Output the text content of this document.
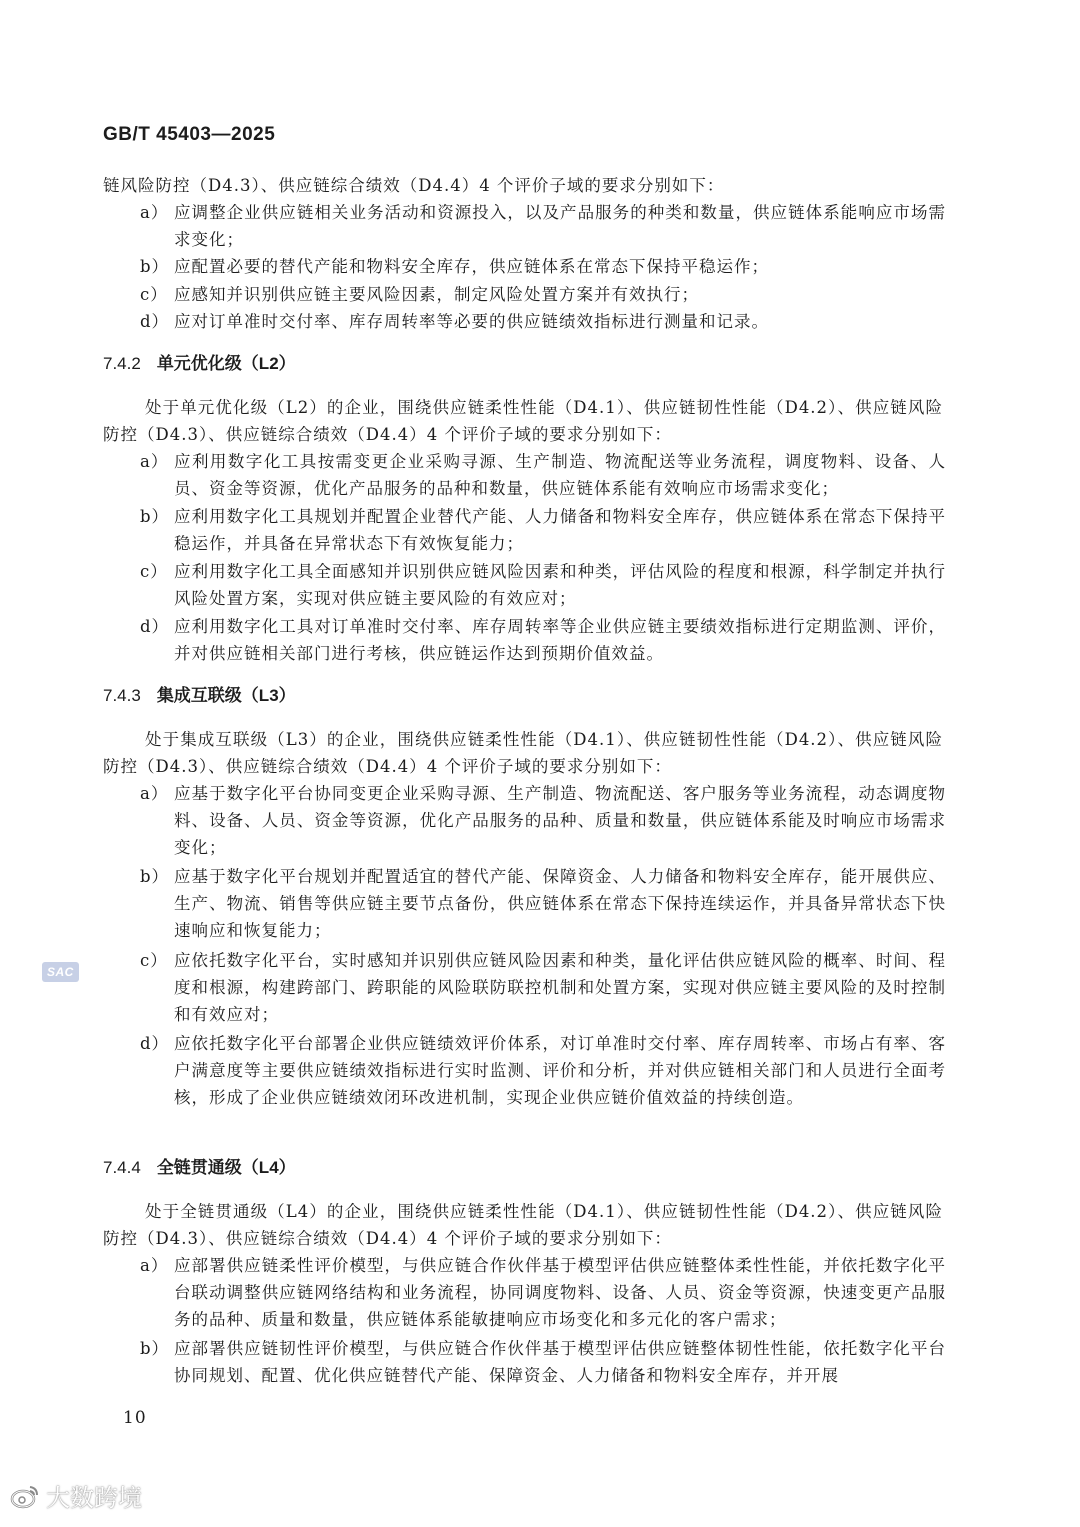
GB/T 45403—2025

链风险防控（D4.3）、供应链综合绩效（D4.4）4 个评价子域的要求分别如下：

a） 应调整企业供应链相关业务活动和资源投入，以及产品服务的种类和数量，供应链体系能响应市场需求变化；
b） 应配置必要的替代产能和物料安全库存，供应链体系在常态下保持平稳运作；
c） 应感知并识别供应链主要风险因素，制定风险处置方案并有效执行；
d） 应对订单准时交付率、库存周转率等必要的供应链绩效指标进行测量和记录。
7.4.2 单元优化级（L2）

处于单元优化级（L2）的企业，围绕供应链柔性性能（D4.1）、供应链韧性性能（D4.2）、供应链风险防控（D4.3）、供应链综合绩效（D4.4）4 个评价子域的要求分别如下：

a） 应利用数字化工具按需变更企业采购寻源、生产制造、物流配送等业务流程，调度物料、设备、人员、资金等资源，优化产品服务的品种和数量，供应链体系能有效响应市场需求变化；
b） 应利用数字化工具规划并配置企业替代产能、人力储备和物料安全库存，供应链体系在常态下保持平稳运作，并具备在异常状态下有效恢复能力；
c） 应利用数字化工具全面感知并识别供应链风险因素和种类，评估风险的程度和根源，科学制定并执行风险处置方案，实现对供应链主要风险的有效应对；
d） 应利用数字化工具对订单准时交付率、库存周转率等企业供应链主要绩效指标进行定期监测、评价，并对供应链相关部门进行考核，供应链运作达到预期价值效益。
7.4.3 集成互联级（L3）

处于集成互联级（L3）的企业，围绕供应链柔性性能（D4.1）、供应链韧性性能（D4.2）、供应链风险防控（D4.3）、供应链综合绩效（D4.4）4 个评价子域的要求分别如下：

a） 应基于数字化平台协同变更企业采购寻源、生产制造、物流配送、客户服务等业务流程，动态调度物料、设备、人员、资金等资源，优化产品服务的品种、质量和数量，供应链体系能及时响应市场需求变化；
b） 应基于数字化平台规划并配置适宜的替代产能、保障资金、人力储备和物料安全库存，能开展供应、生产、物流、销售等供应链主要节点备份，供应链体系在常态下保持连续运作，并具备异常状态下快速响应和恢复能力；
c） 应依托数字化平台，实时感知并识别供应链风险因素和种类，量化评估供应链风险的概率、时间、程度和根源，构建跨部门、跨职能的风险联防联控机制和处置方案，实现对供应链主要风险的及时控制和有效应对；
d） 应依托数字化平台部署企业供应链绩效评价体系，对订单准时交付率、库存周转率、市场占有率、客户满意度等主要供应链绩效指标进行实时监测、评价和分析，并对供应链相关部门和人员进行全面考核，形成了企业供应链绩效闭环改进机制，实现企业供应链价值效益的持续创造。
7.4.4 全链贯通级（L4）

处于全链贯通级（L4）的企业，围绕供应链柔性性能（D4.1）、供应链韧性性能（D4.2）、供应链风险防控（D4.3）、供应链综合绩效（D4.4）4 个评价子域的要求分别如下：

a） 应部署供应链柔性评价模型，与供应链合作伙伴基于模型评估供应链整体柔性性能，并依托数字化平台联动调整供应链网络结构和业务流程，协同调度物料、设备、人员、资金等资源，快速变更产品服务的品种、质量和数量，供应链体系能敏捷响应市场变化和多元化的客户需求；
b） 应部署供应链韧性评价模型，与供应链合作伙伴基于模型评估供应链整体韧性性能，依托数字化平台协同规划、配置、优化供应链替代产能、保障资金、人力储备和物料安全库存，并开展
10
SAC
大数跨境
